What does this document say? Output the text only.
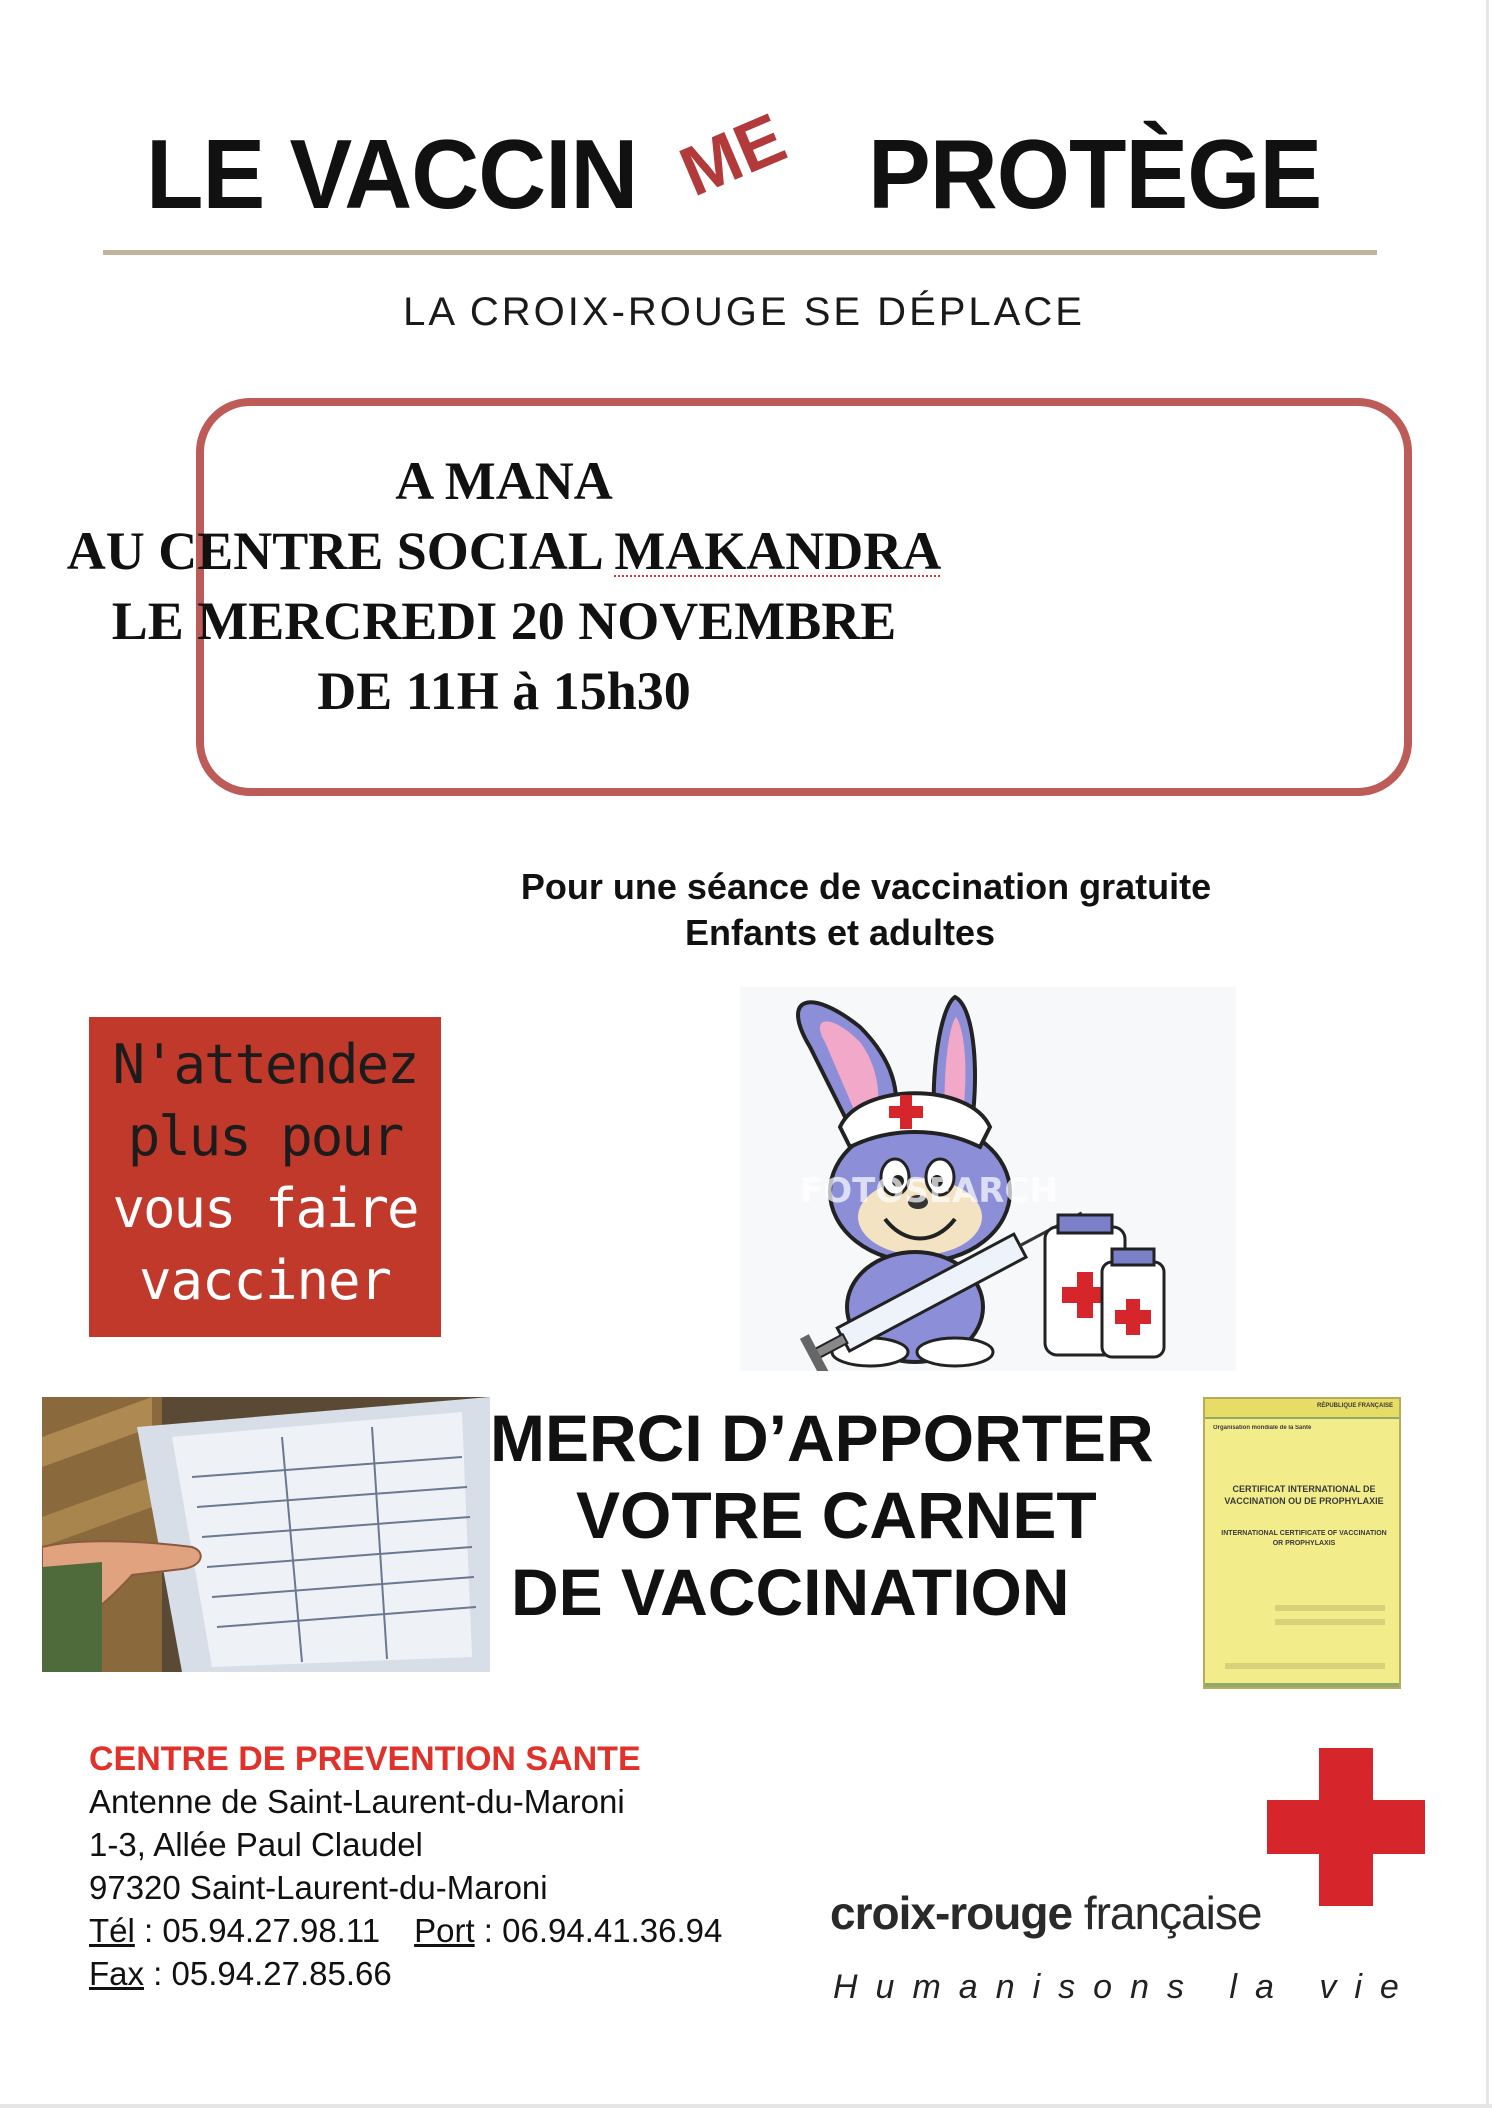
LE VACCIN ME PROTÈGE
LA CROIX-ROUGE SE DÉPLACE
A MANA
AU CENTRE SOCIAL MAKANDRA
LE MERCREDI 20 NOVEMBRE
DE 11H à 15h30
Pour une séance de vaccination gratuite
Enfants et adultes
N'attendez
plus pour
vous faire
vacciner
FOTOSEARCH
MERCI D’APPORTER
VOTRE CARNET
DE VACCINATION
RÉPUBLIQUE FRANÇAISE
Organisation mondiale de la Santé
CERTIFICAT INTERNATIONAL DE VACCINATION OU DE PROPHYLAXIE
INTERNATIONAL CERTIFICATE OF VACCINATION OR PROPHYLAXIS
CENTRE DE PREVENTION SANTE
Antenne de Saint-Laurent-du-Maroni
1-3, Allée Paul Claudel
97320 Saint-Laurent-du-Maroni
Tél : 05.94.27.98.11 Port : 06.94.41.36.94
Fax : 05.94.27.85.66
croix-rouge française
Humanisons la vie
